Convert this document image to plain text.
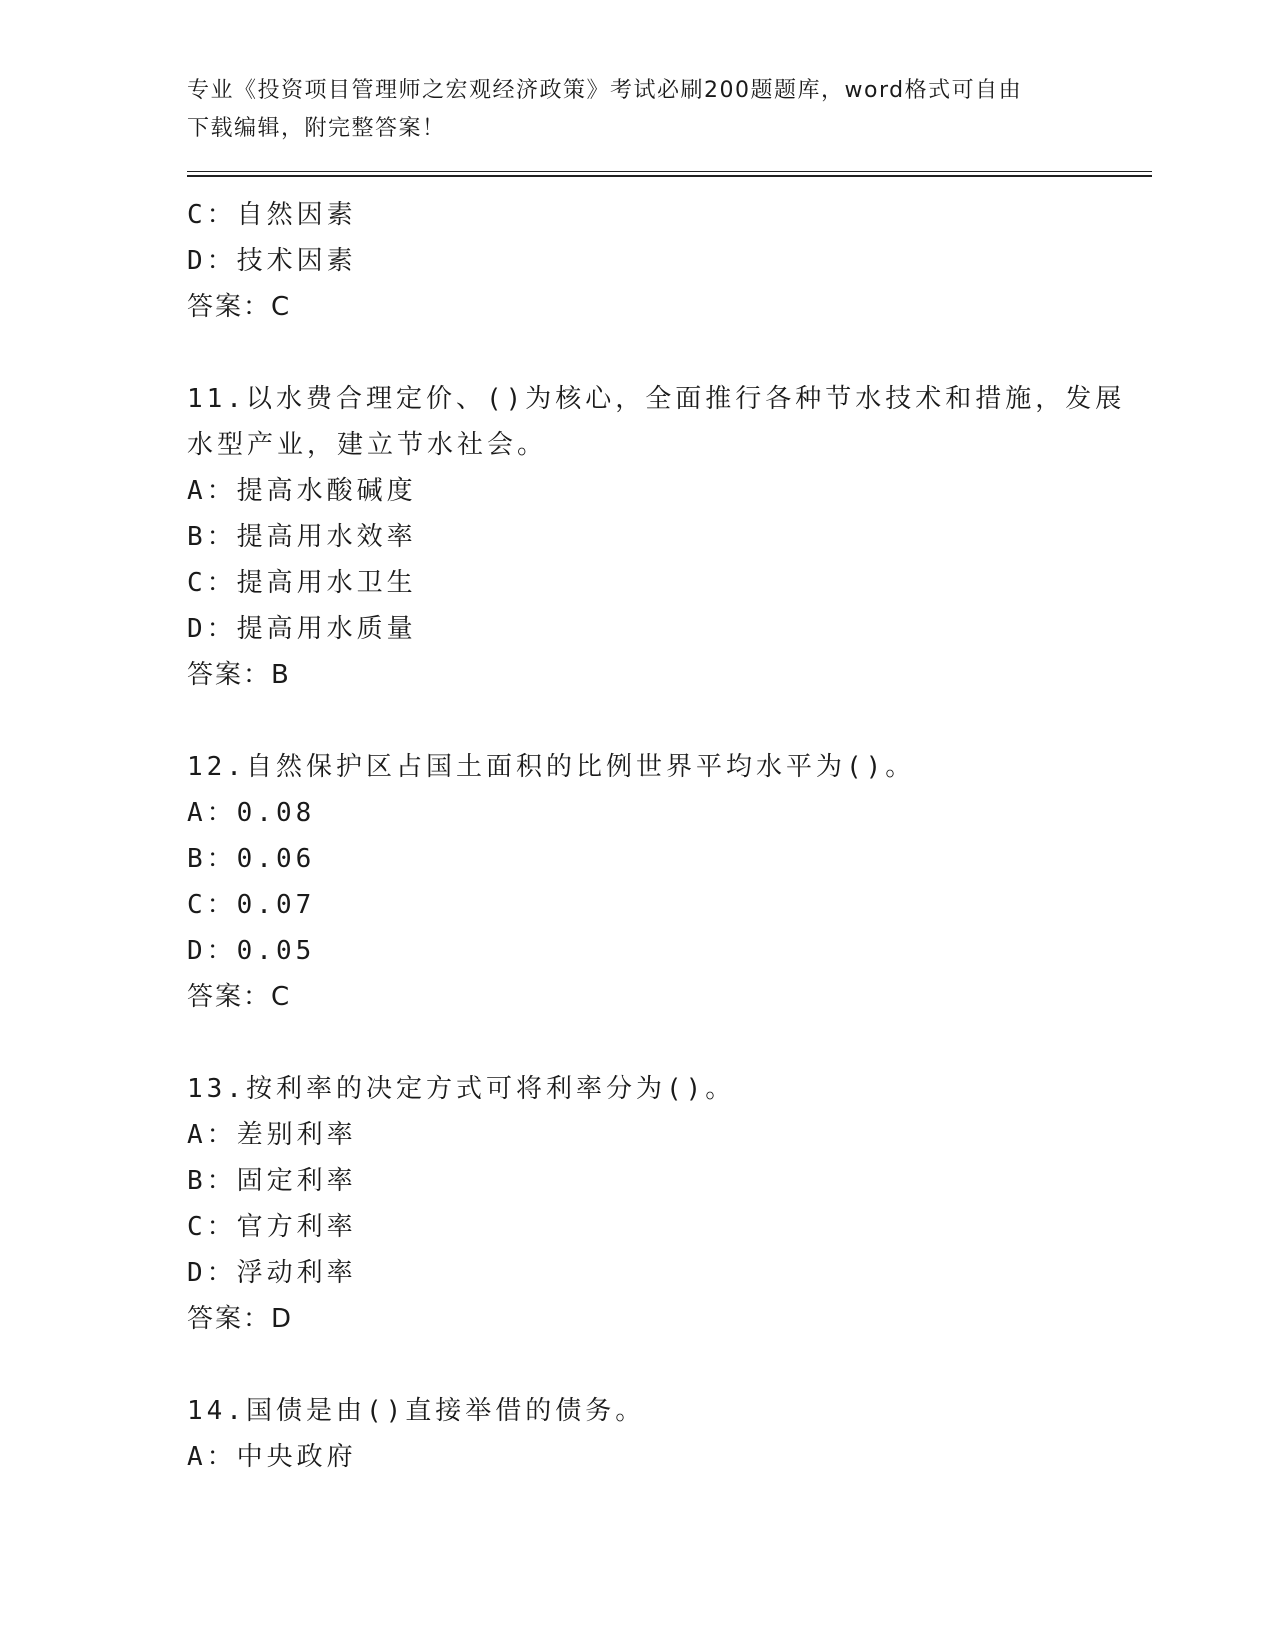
专业《投资项目管理师之宏观经济政策》考试必刷200题题库，word格式可自由
下载编辑，附完整答案！
C：自然因素
D：技术因素
答案：C
11.以水费合理定价、()为核心，全面推行各种节水技术和措施，发展
水型产业，建立节水社会。
A：提高水酸碱度
B：提高用水效率
C：提高用水卫生
D：提高用水质量
答案：B
12.自然保护区占国土面积的比例世界平均水平为()。
A：0.08
B：0.06
C：0.07
D：0.05
答案：C
13.按利率的决定方式可将利率分为()。
A：差别利率
B：固定利率
C：官方利率
D：浮动利率
答案：D
14.国债是由()直接举借的债务。
A：中央政府
